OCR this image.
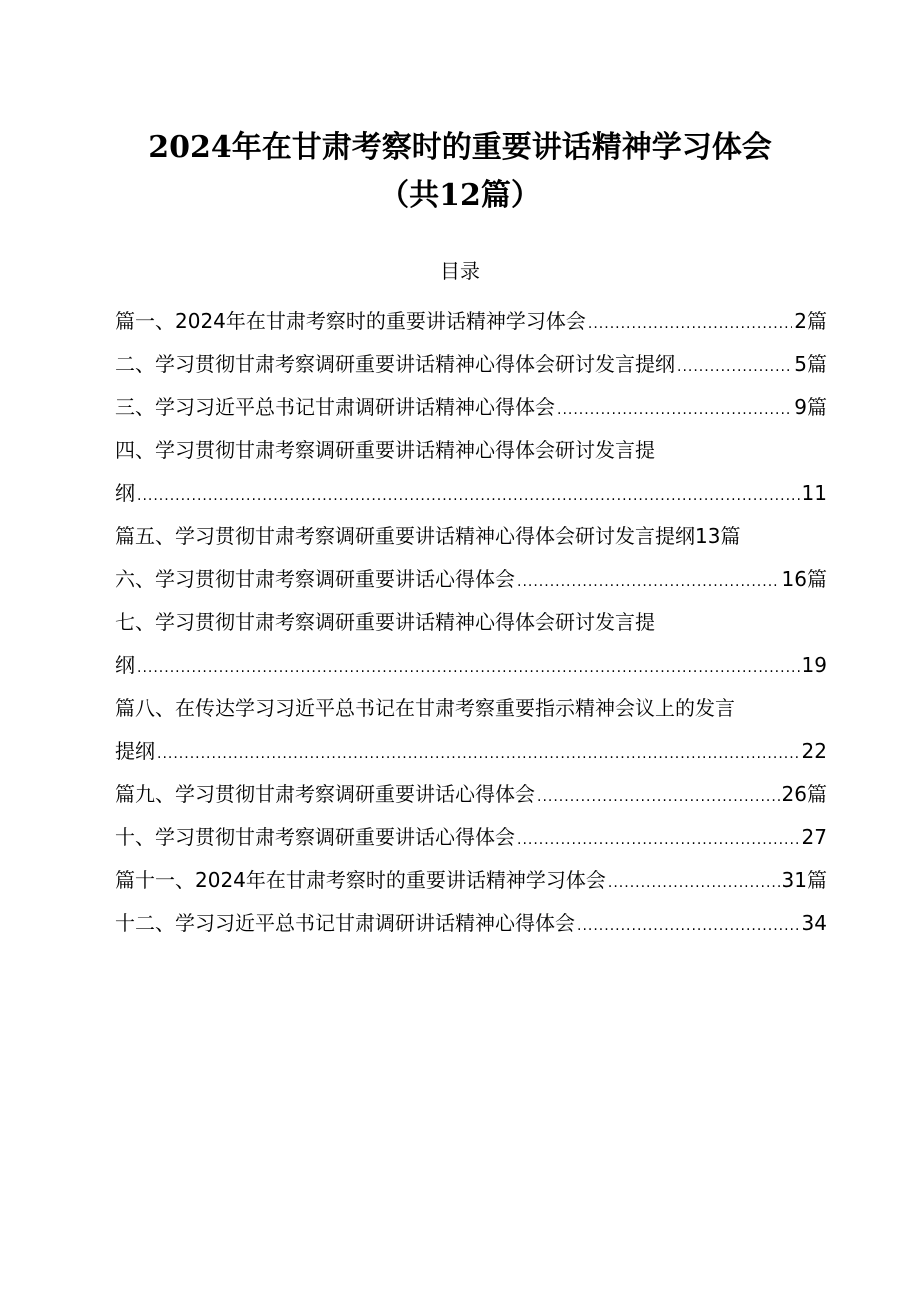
2024年在甘肃考察时的重要讲话精神学习体会
（共12篇）
目录
篇一、2024年在甘肃考察时的重要讲话精神学习体会 .....	2篇
二、学习贯彻甘肃考察调研重要讲话精神心得体会研讨发言提纲 .....	5篇
三、学习习近平总书记甘肃调研讲话精神心得体会 .....	9篇
四、学习贯彻甘肃考察调研重要讲话精神心得体会研讨发言提
纲 .....	11
篇五、学习贯彻甘肃考察调研重要讲话精神心得体会研讨发言提纲 13篇
六、学习贯彻甘肃考察调研重要讲话心得体会 .....	16篇
七、学习贯彻甘肃考察调研重要讲话精神心得体会研讨发言提
纲 .....	19
篇八、在传达学习习近平总书记在甘肃考察重要指示精神会议上的发言
提纲 .....	22
篇九、学习贯彻甘肃考察调研重要讲话心得体会 .....	26篇
十、学习贯彻甘肃考察调研重要讲话心得体会 .....	27
篇十一、2024年在甘肃考察时的重要讲话精神学习体会 .....	31篇
十二、学习习近平总书记甘肃调研讲话精神心得体会 .....	34
